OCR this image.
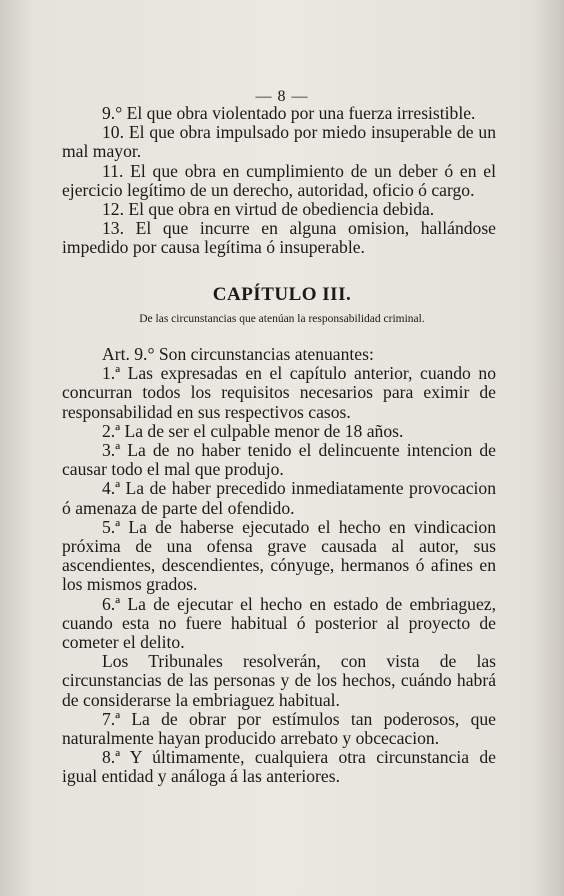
— 8 —

9.° El que obra violentado por una fuerza irresistible.

10. El que obra impulsado por miedo insuperable de un mal mayor.

11. El que obra en cumplimiento de un deber ó en el ejercicio legítimo de un derecho, autoridad, oficio ó cargo.

12. El que obra en virtud de obediencia debida.

13. El que incurre en alguna omision, hallándose impedido por causa legítima ó insuperable.

CAPÍTULO III.
De las circunstancias que atenúan la responsabilidad criminal.

Art. 9.° Son circunstancias atenuantes:

1.ª Las expresadas en el capítulo anterior, cuando no concurran todos los requisitos necesarios para eximir de responsabilidad en sus respectivos casos.

2.ª La de ser el culpable menor de 18 años.

3.ª La de no haber tenido el delincuente intencion de causar todo el mal que produjo.

4.ª La de haber precedido inmediatamente provocacion ó amenaza de parte del ofendido.

5.ª La de haberse ejecutado el hecho en vindicacion próxima de una ofensa grave causada al autor, sus ascendientes, descendientes, cónyuge, hermanos ó afines en los mismos grados.

6.ª La de ejecutar el hecho en estado de embriaguez, cuando esta no fuere habitual ó posterior al proyecto de cometer el delito.

Los Tribunales resolverán, con vista de las circunstancias de las personas y de los hechos, cuándo habrá de considerarse la embriaguez habitual.

7.ª La de obrar por estímulos tan poderosos, que naturalmente hayan producido arrebato y obcecacion.

8.ª Y últimamente, cualquiera otra circunstancia de igual entidad y análoga á las anteriores.
